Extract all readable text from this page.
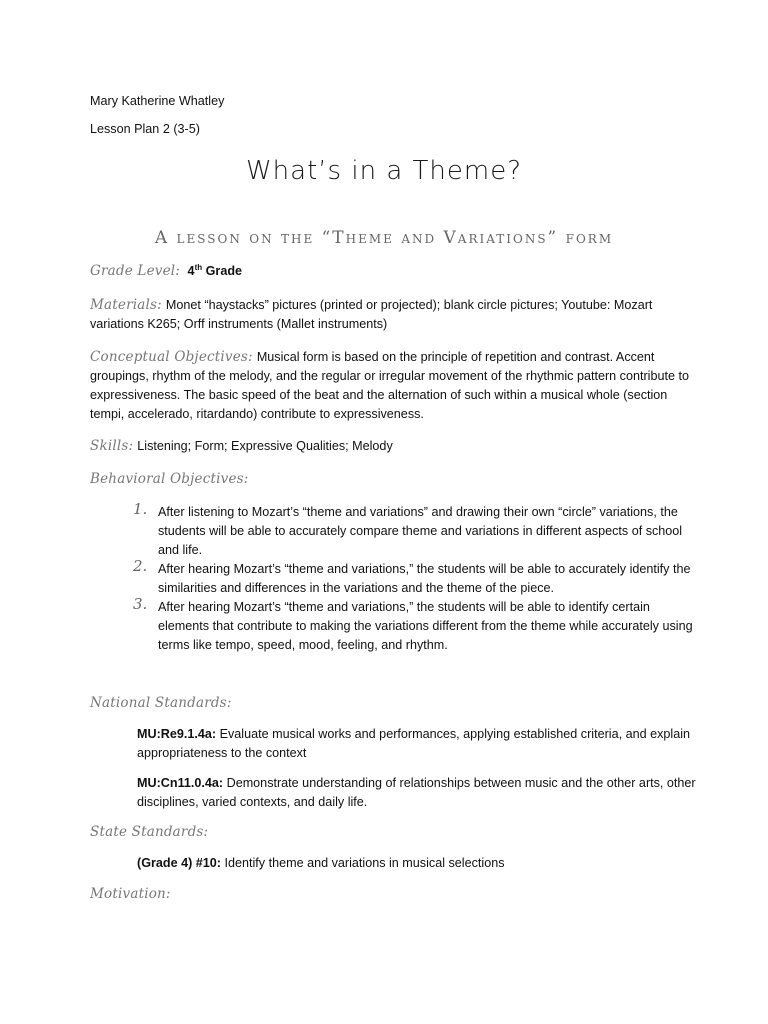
Mary Katherine Whatley
Lesson Plan 2 (3-5)
What’s in a Theme?
A lesson on the “Theme and Variations” form
Grade Level: 4th Grade
Materials: Monet “haystacks” pictures (printed or projected); blank circle pictures; Youtube: Mozart variations K265; Orff instruments (Mallet instruments)
Conceptual Objectives: Musical form is based on the principle of repetition and contrast. Accent groupings, rhythm of the melody, and the regular or irregular movement of the rhythmic pattern contribute to expressiveness. The basic speed of the beat and the alternation of such within a musical whole (section tempi, accelerado, ritardando) contribute to expressiveness.
Skills: Listening; Form; Expressive Qualities; Melody
Behavioral Objectives:
1. After listening to Mozart’s “theme and variations” and drawing their own “circle” variations, the students will be able to accurately compare theme and variations in different aspects of school and life.
2. After hearing Mozart’s “theme and variations,” the students will be able to accurately identify the similarities and differences in the variations and the theme of the piece.
3. After hearing Mozart’s “theme and variations,” the students will be able to identify certain elements that contribute to making the variations different from the theme while accurately using terms like tempo, speed, mood, feeling, and rhythm.
National Standards:
MU:Re9.1.4a: Evaluate musical works and performances, applying established criteria, and explain appropriateness to the context
MU:Cn11.0.4a: Demonstrate understanding of relationships between music and the other arts, other disciplines, varied contexts, and daily life.
State Standards:
(Grade 4) #10: Identify theme and variations in musical selections
Motivation:
